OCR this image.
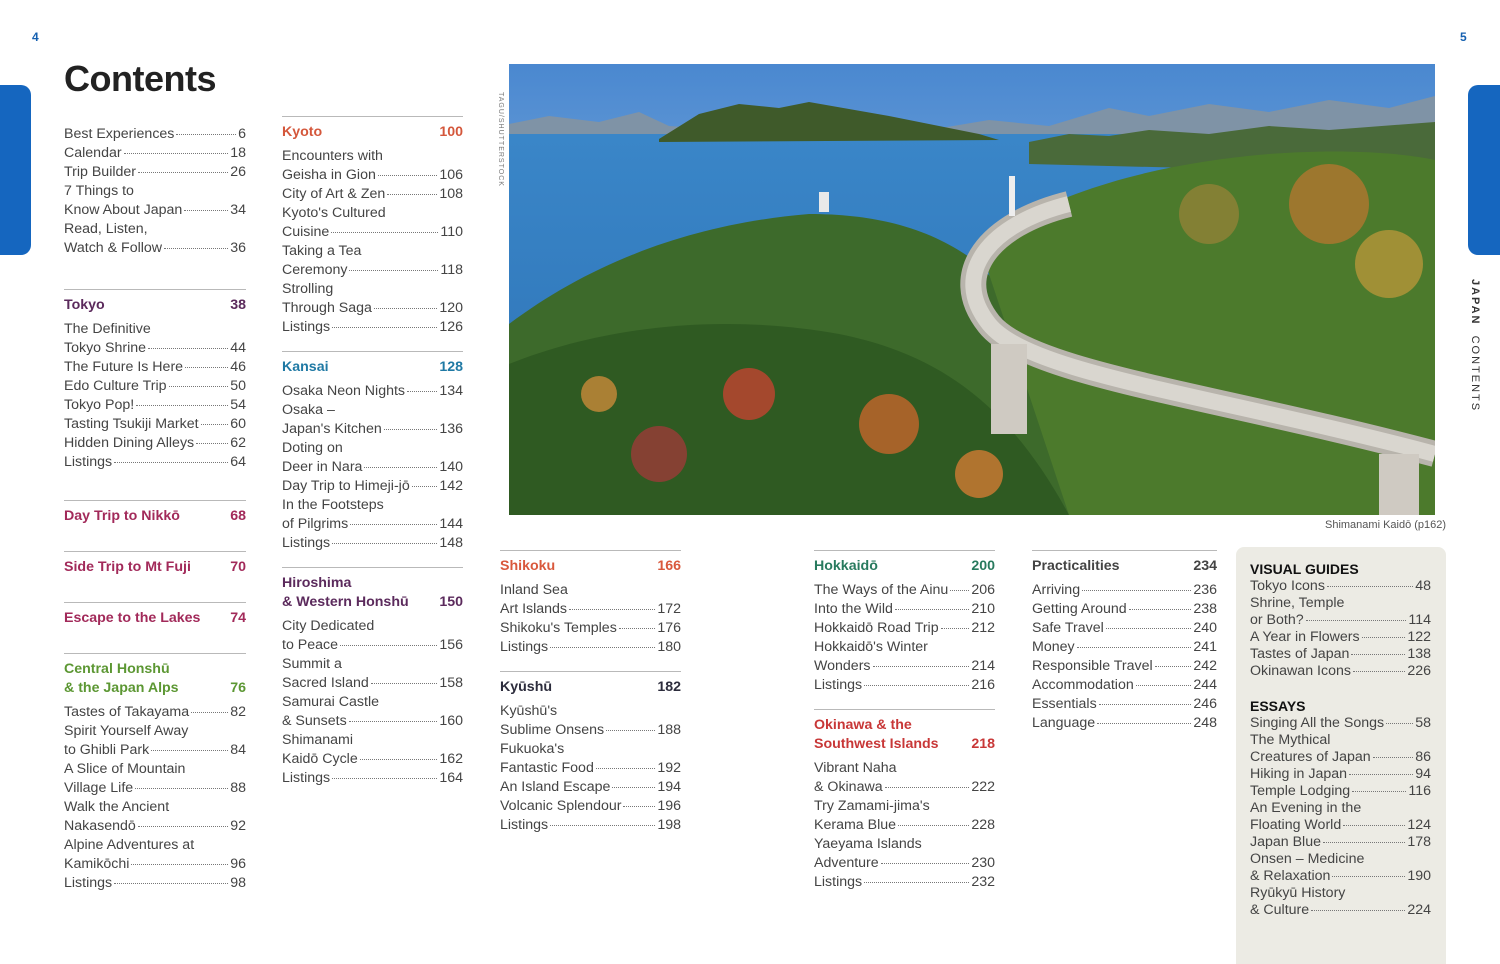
4	5
Contents
Best Experiences	6
Calendar	18
Trip Builder	26
7 Things to
Know About Japan	34
Read, Listen,
Watch & Follow	36
Tokyo	38
The Definitive
Tokyo Shrine	44
The Future Is Here	46
Edo Culture Trip	50
Tokyo Pop!	54
Tasting Tsukiji Market 60
Hidden Dining Alleys	62
Listings	64
Day Trip to Nikkō	68
Side Trip to Mt Fuji	70
Escape to the Lakes 74
Central Honshū
& the Japan Alps	76
Tastes of Takayama	82
Spirit Yourself Away
to Ghibli Park	84
A Slice of Mountain
Village Life	88
Walk the Ancient
Nakasendō	92
Alpine Adventures at
Kamikōchi	96
Listings	98
Kyoto	100
Encounters with
Geisha in Gion	106
City of Art & Zen	108
Kyoto's Cultured
Cuisine	110
Taking a Tea
Ceremony	118
Strolling
Through Saga	120
Listings	126
Kansai	128
Osaka Neon Nights 134
Osaka –
Japan's Kitchen	136
Doting on
Deer in Nara	140
Day Trip to Himeji-jō 142
In the Footsteps
of Pilgrims	144
Listings	148
Hiroshima
& Western Honshū 150
City Dedicated
to Peace	156
Summit a
Sacred Island	158
Samurai Castle
& Sunsets	160
Shimanami
Kaidō Cycle	162
Listings	164
TAGU/SHUTTERSTOCK
Shimanami Kaidō (p162)
JAPAN  CONTENTS
Shikoku	166
Inland Sea
Art Islands	172
Shikoku's Temples	176
Listings	180
Kyūshū	182
Kyūshū's
Sublime Onsens	188
Fukuoka's
Fantastic Food	192
An Island Escape	194
Volcanic Splendour	196
Listings	198
Hokkaidō	200
The Ways of the Ainu 206
Into the Wild	210
Hokkaidō Road Trip 212
Hokkaidō's Winter
Wonders	214
Listings	216
Okinawa & the
Southwest Islands 218
Vibrant Naha
& Okinawa	222
Try Zamami-jima's
Kerama Blue	228
Yaeyama Islands
Adventure	230
Listings	232
Practicalities	234
Arriving	236
Getting Around	238
Safe Travel	240
Money	241
Responsible Travel	242
Accommodation	244
Essentials	246
Language	248
VISUAL GUIDES
Tokyo Icons	48
Shrine, Temple
or Both?	114
A Year in Flowers	122
Tastes of Japan	138
Okinawan Icons	226
ESSAYS
Singing All the Songs 58
The Mythical
Creatures of Japan	86
Hiking in Japan	94
Temple Lodging	116
An Evening in the
Floating World	124
Japan Blue	178
Onsen – Medicine
& Relaxation	190
Ryūkyū History
& Culture	224
